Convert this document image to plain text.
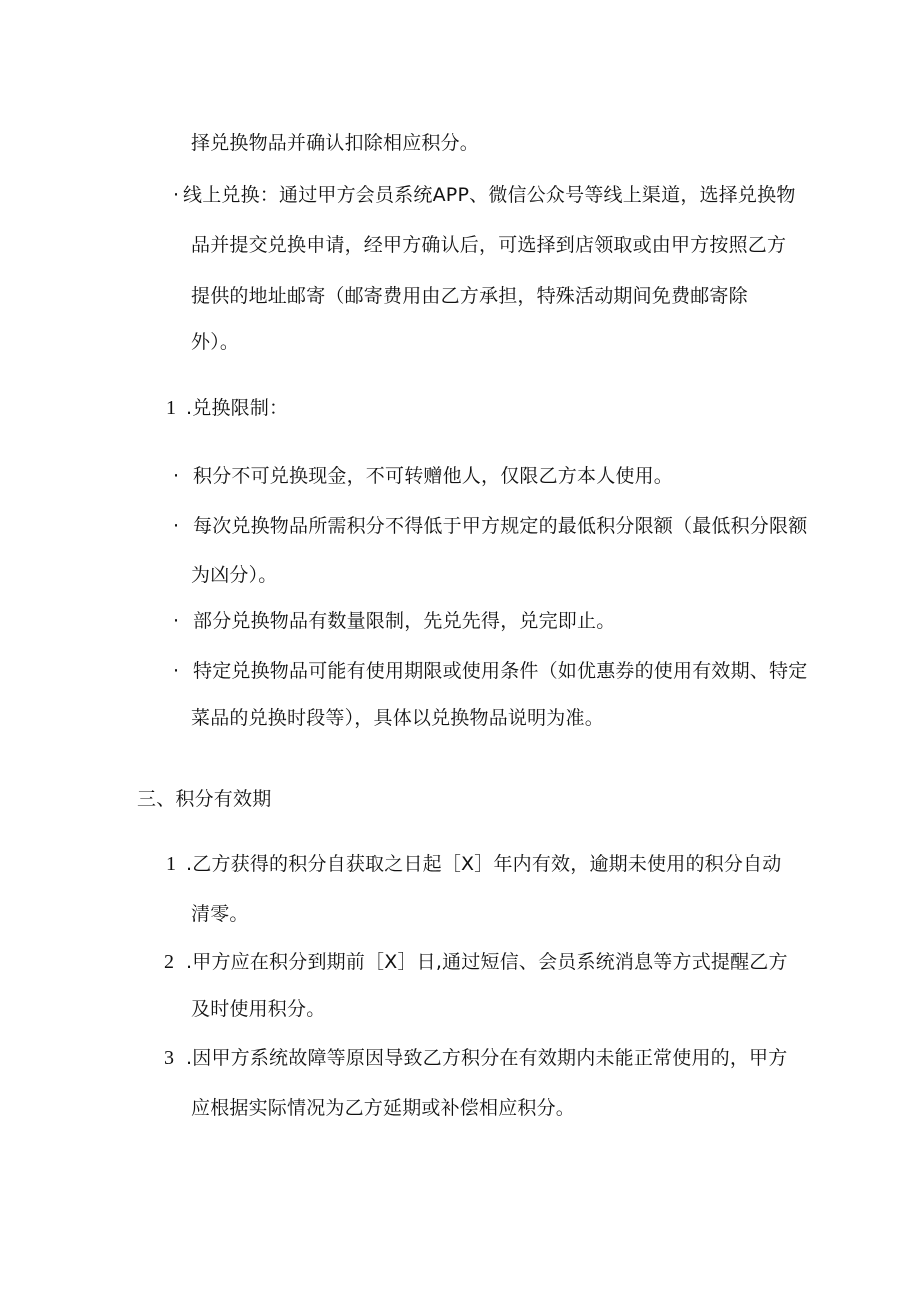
择兑换物品并确认扣除相应积分。
· 线上兑换：通过甲方会员系统APP、微信公众号等线上渠道，选择兑换物
品并提交兑换申请，经甲方确认后，可选择到店领取或由甲方按照乙方
提供的地址邮寄（邮寄费用由乙方承担，特殊活动期间免费邮寄除
外）。
1 .兑换限制：
· 积分不可兑换现金，不可转赠他人，仅限乙方本人使用。
· 每次兑换物品所需积分不得低于甲方规定的最低积分限额（最低积分限额
为凶分）。
· 部分兑换物品有数量限制，先兑先得，兑完即止。
· 特定兑换物品可能有使用期限或使用条件（如优惠券的使用有效期、特定
菜品的兑换时段等），具体以兑换物品说明为准。
三、积分有效期
1 .乙方获得的积分自获取之日起［X］年内有效，逾期未使用的积分自动
清零。
2 .甲方应在积分到期前［X］日,通过短信、会员系统消息等方式提醒乙方
及时使用积分。
3 .因甲方系统故障等原因导致乙方积分在有效期内未能正常使用的，甲方
应根据实际情况为乙方延期或补偿相应积分。
